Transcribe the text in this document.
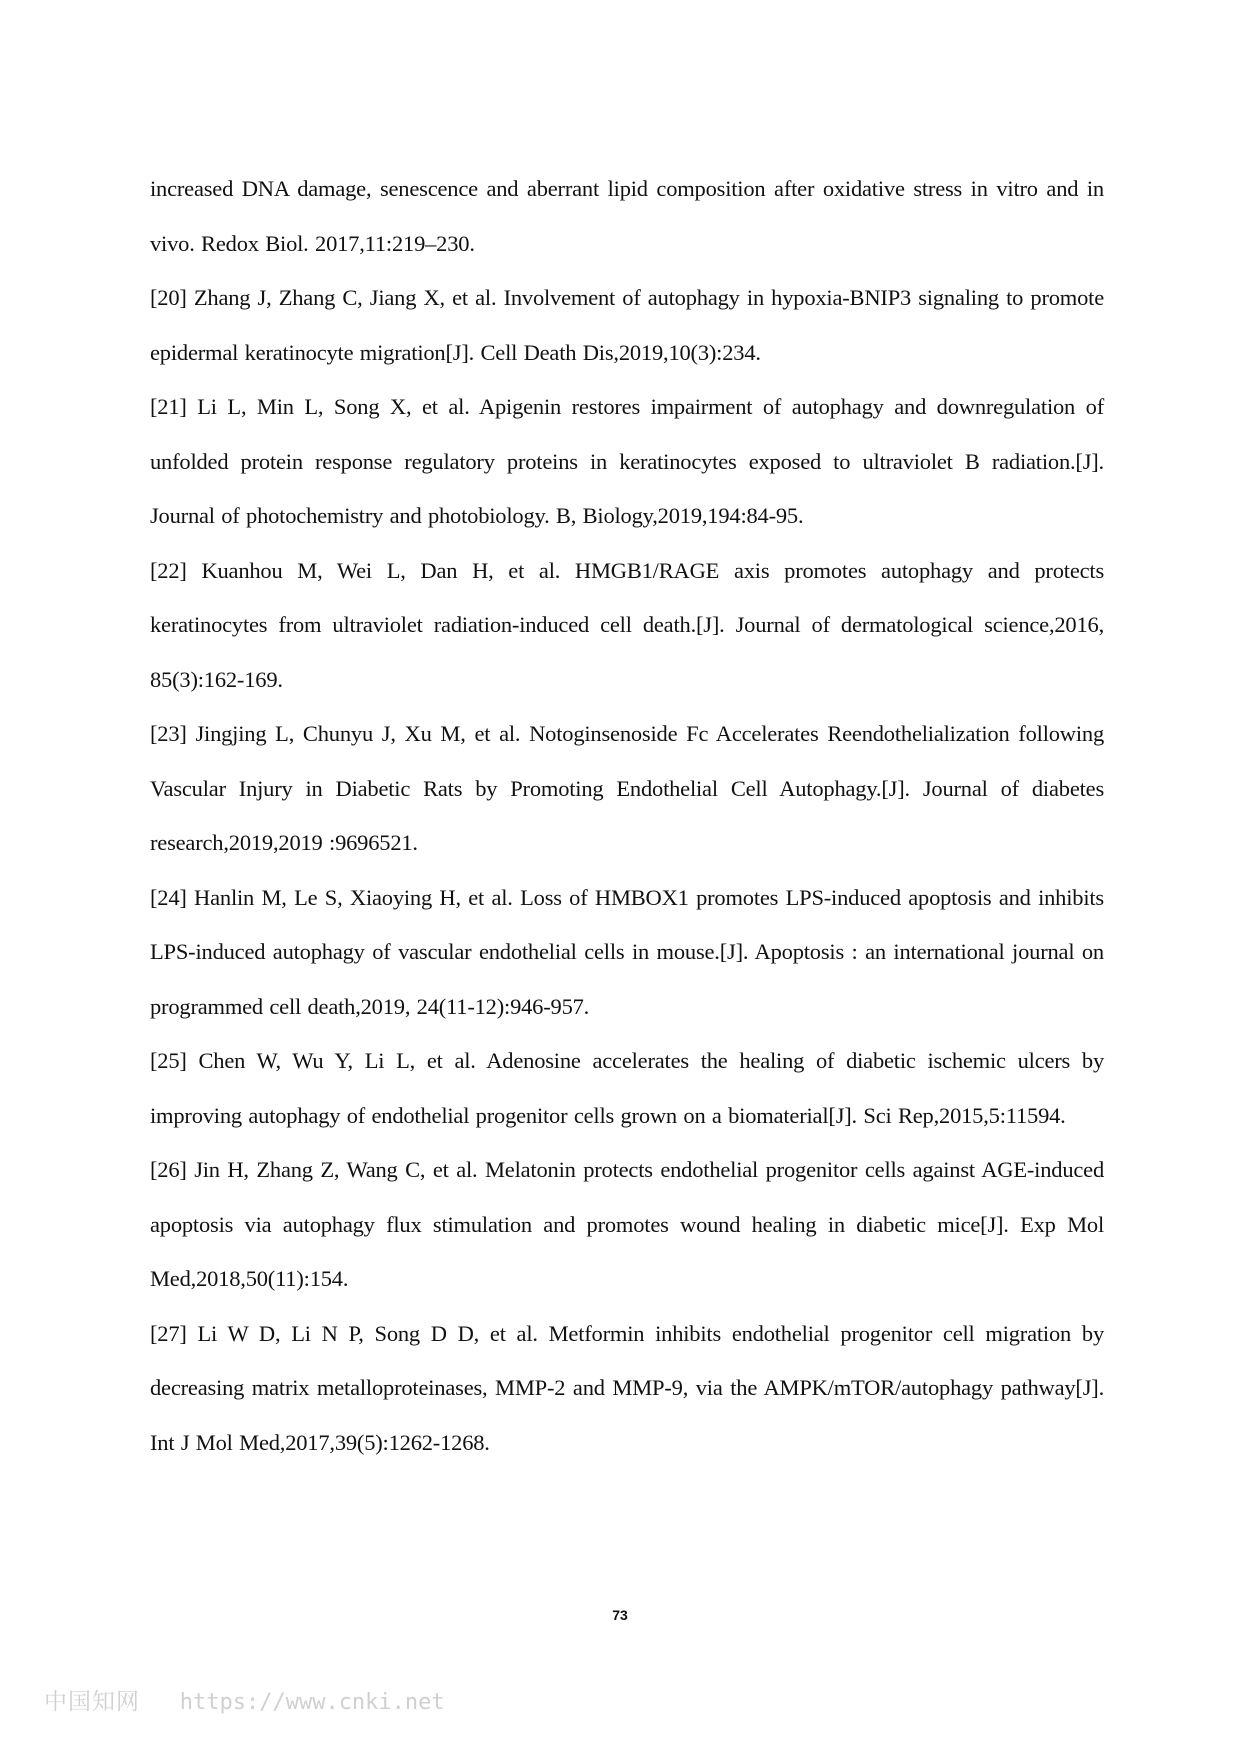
increased DNA damage, senescence and aberrant lipid composition after oxidative stress in vitro and in vivo. Redox Biol. 2017,11:219–230.

[20] Zhang J, Zhang C, Jiang X, et al. Involvement of autophagy in hypoxia-BNIP3 signaling to promote epidermal keratinocyte migration[J]. Cell Death Dis,2019,10(3):234.

[21] Li L, Min L, Song X, et al. Apigenin restores impairment of autophagy and downregulation of unfolded protein response regulatory proteins in keratinocytes exposed to ultraviolet B radiation.[J]. Journal of photochemistry and photobiology. B, Biology,2019,194:84-95.

[22] Kuanhou M, Wei L, Dan H, et al. HMGB1/RAGE axis promotes autophagy and protects keratinocytes from ultraviolet radiation-induced cell death.[J]. Journal of dermatological science,2016, 85(3):162-169.

[23] Jingjing L, Chunyu J, Xu M, et al. Notoginsenoside Fc Accelerates Reendothelialization following Vascular Injury in Diabetic Rats by Promoting Endothelial Cell Autophagy.[J]. Journal of diabetes research,2019,2019 :9696521.

[24] Hanlin M, Le S, Xiaoying H, et al. Loss of HMBOX1 promotes LPS-induced apoptosis and inhibits LPS-induced autophagy of vascular endothelial cells in mouse.[J]. Apoptosis : an international journal on programmed cell death,2019, 24(11-12):946-957.

[25] Chen W, Wu Y, Li L, et al. Adenosine accelerates the healing of diabetic ischemic ulcers by improving autophagy of endothelial progenitor cells grown on a biomaterial[J]. Sci Rep,2015,5:11594.

[26] Jin H, Zhang Z, Wang C, et al. Melatonin protects endothelial progenitor cells against AGE-induced apoptosis via autophagy flux stimulation and promotes wound healing in diabetic mice[J]. Exp Mol Med,2018,50(11):154.

[27] Li W D, Li N P, Song D D, et al. Metformin inhibits endothelial progenitor cell migration by decreasing matrix metalloproteinases, MMP-2 and MMP-9, via the AMPK/mTOR/autophagy pathway[J]. Int J Mol Med,2017,39(5):1262-1268.

73
中国知网 https://www.cnki.net
